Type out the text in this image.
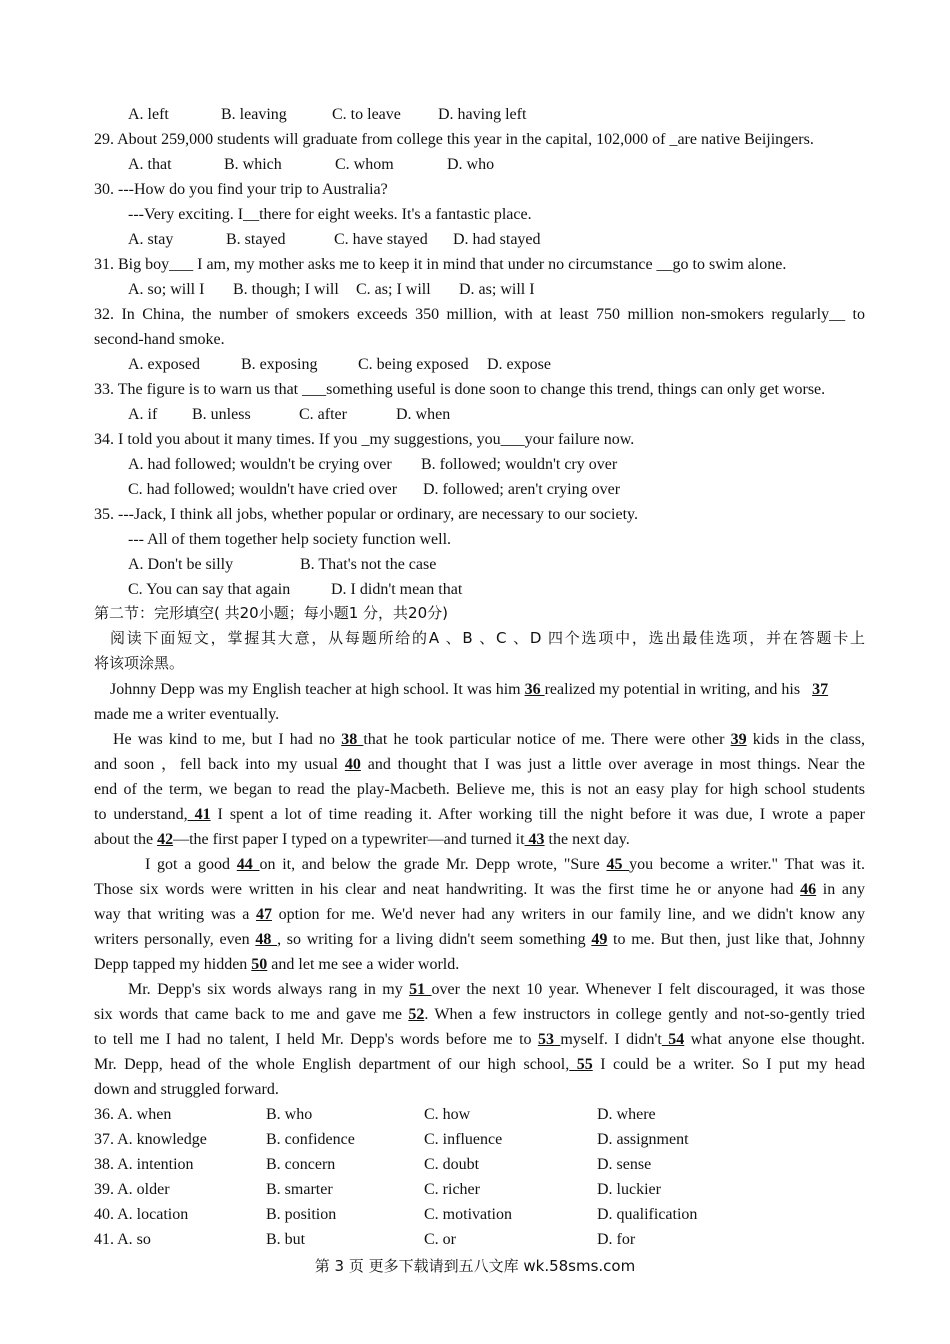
A. left	B. leaving	C. to leave D. having left
29. About 259,000 students will graduate from college this year in the capital, 102,000 of _are native Beijingers.
A. that	B. which	C. whom	D. who
30. ---How do you find your trip to Australia?
---Very exciting. I__there for eight weeks. It's a fantastic place.
A. stay	B. stayed	C. have stayed D. had stayed
31. Big boy___ I am, my mother asks me to keep it in mind that under no circumstance __go to swim alone.
A. so; will I B. though; I will C. as; I will D. as; will I
32. In China, the number of smokers exceeds 350 million, with at least 750 million non-smokers regularly__ to
second-hand smoke.
A. exposed	B. exposing	C. being exposed D. expose
33. The figure is to warn us that ___something useful is done soon to change this trend, things can only get worse.
A. if B. unless	C. after	D. when
34. I told you about it many times. If you _my suggestions, you___your failure now.
A. had followed; wouldn't be crying over B. followed; wouldn't cry over
C. had followed; wouldn't have cried over D. followed; aren't crying over
35. ---Jack, I think all jobs, whether popular or ordinary, are necessary to our society.
--- All of them together help society function well.
A. Don't be silly	B. That's not the case
C. You can say that again	D. I didn't mean that
第二节：完形填空( 共20小题；每小题1 分，共20分)
阅读下面短文，掌握其大意，从每题所给的A 、B 、C 、D 四个选项中，选出最佳选项，并在答题卡上
将该项涂黑。
Johnny Depp was my English teacher at high school. It was him 36 realized my potential in writing, and his   37
made me a writer eventually.
He was kind to me, but I had no 38 that he took particular notice of me. There were other 39 kids in the class,
and soon ，fell back into my usual 40 and thought that I was just a little over average in most things. Near the
end of the term, we began to read the play-Macbeth. Believe me, this is not an easy play for high school students
to understand, 41 I spent a lot of time reading it. After working till the night before it was due, I wrote a paper
about the 42—the first paper I typed on a typewriter—and turned it 43 the next day.
I got a good 44 on it, and below the grade Mr. Depp wrote, "Sure 45 you become a writer." That was it.
Those six words were written in his clear and neat handwriting. It was the first time he or anyone had 46 in any
way that writing was a 47 option for me. We'd never had any writers in our family line, and we didn't know any
writers personally, even 48 , so writing for a living didn't seem something 49 to me. But then, just like that, Johnny
Depp tapped my hidden 50 and let me see a wider world.
Mr. Depp's six words always rang in my 51 over the next 10 year. Whenever I felt discouraged, it was those
six words that came back to me and gave me 52. When a few instructors in college gently and not-so-gently tried
to tell me I had no talent, I held Mr. Depp's words before me to 53 myself. I didn't 54 what anyone else thought.
Mr. Depp, head of the whole English department of our high school, 55 I could be a writer. So I put my head
down and struggled forward.
36. A. when	B. who	C. how	D. where
37. A. knowledge	B. confidence	C. influence	D. assignment
38. A. intention	B. concern	C. doubt	D. sense
39. A. older	B. smarter	C. richer	D. luckier
40. A. location	B. position	C. motivation	D. qualification
41. A. so	B. but	C. or	D. for
第 3 页 更多下载请到五八文库 wk.58sms.com
